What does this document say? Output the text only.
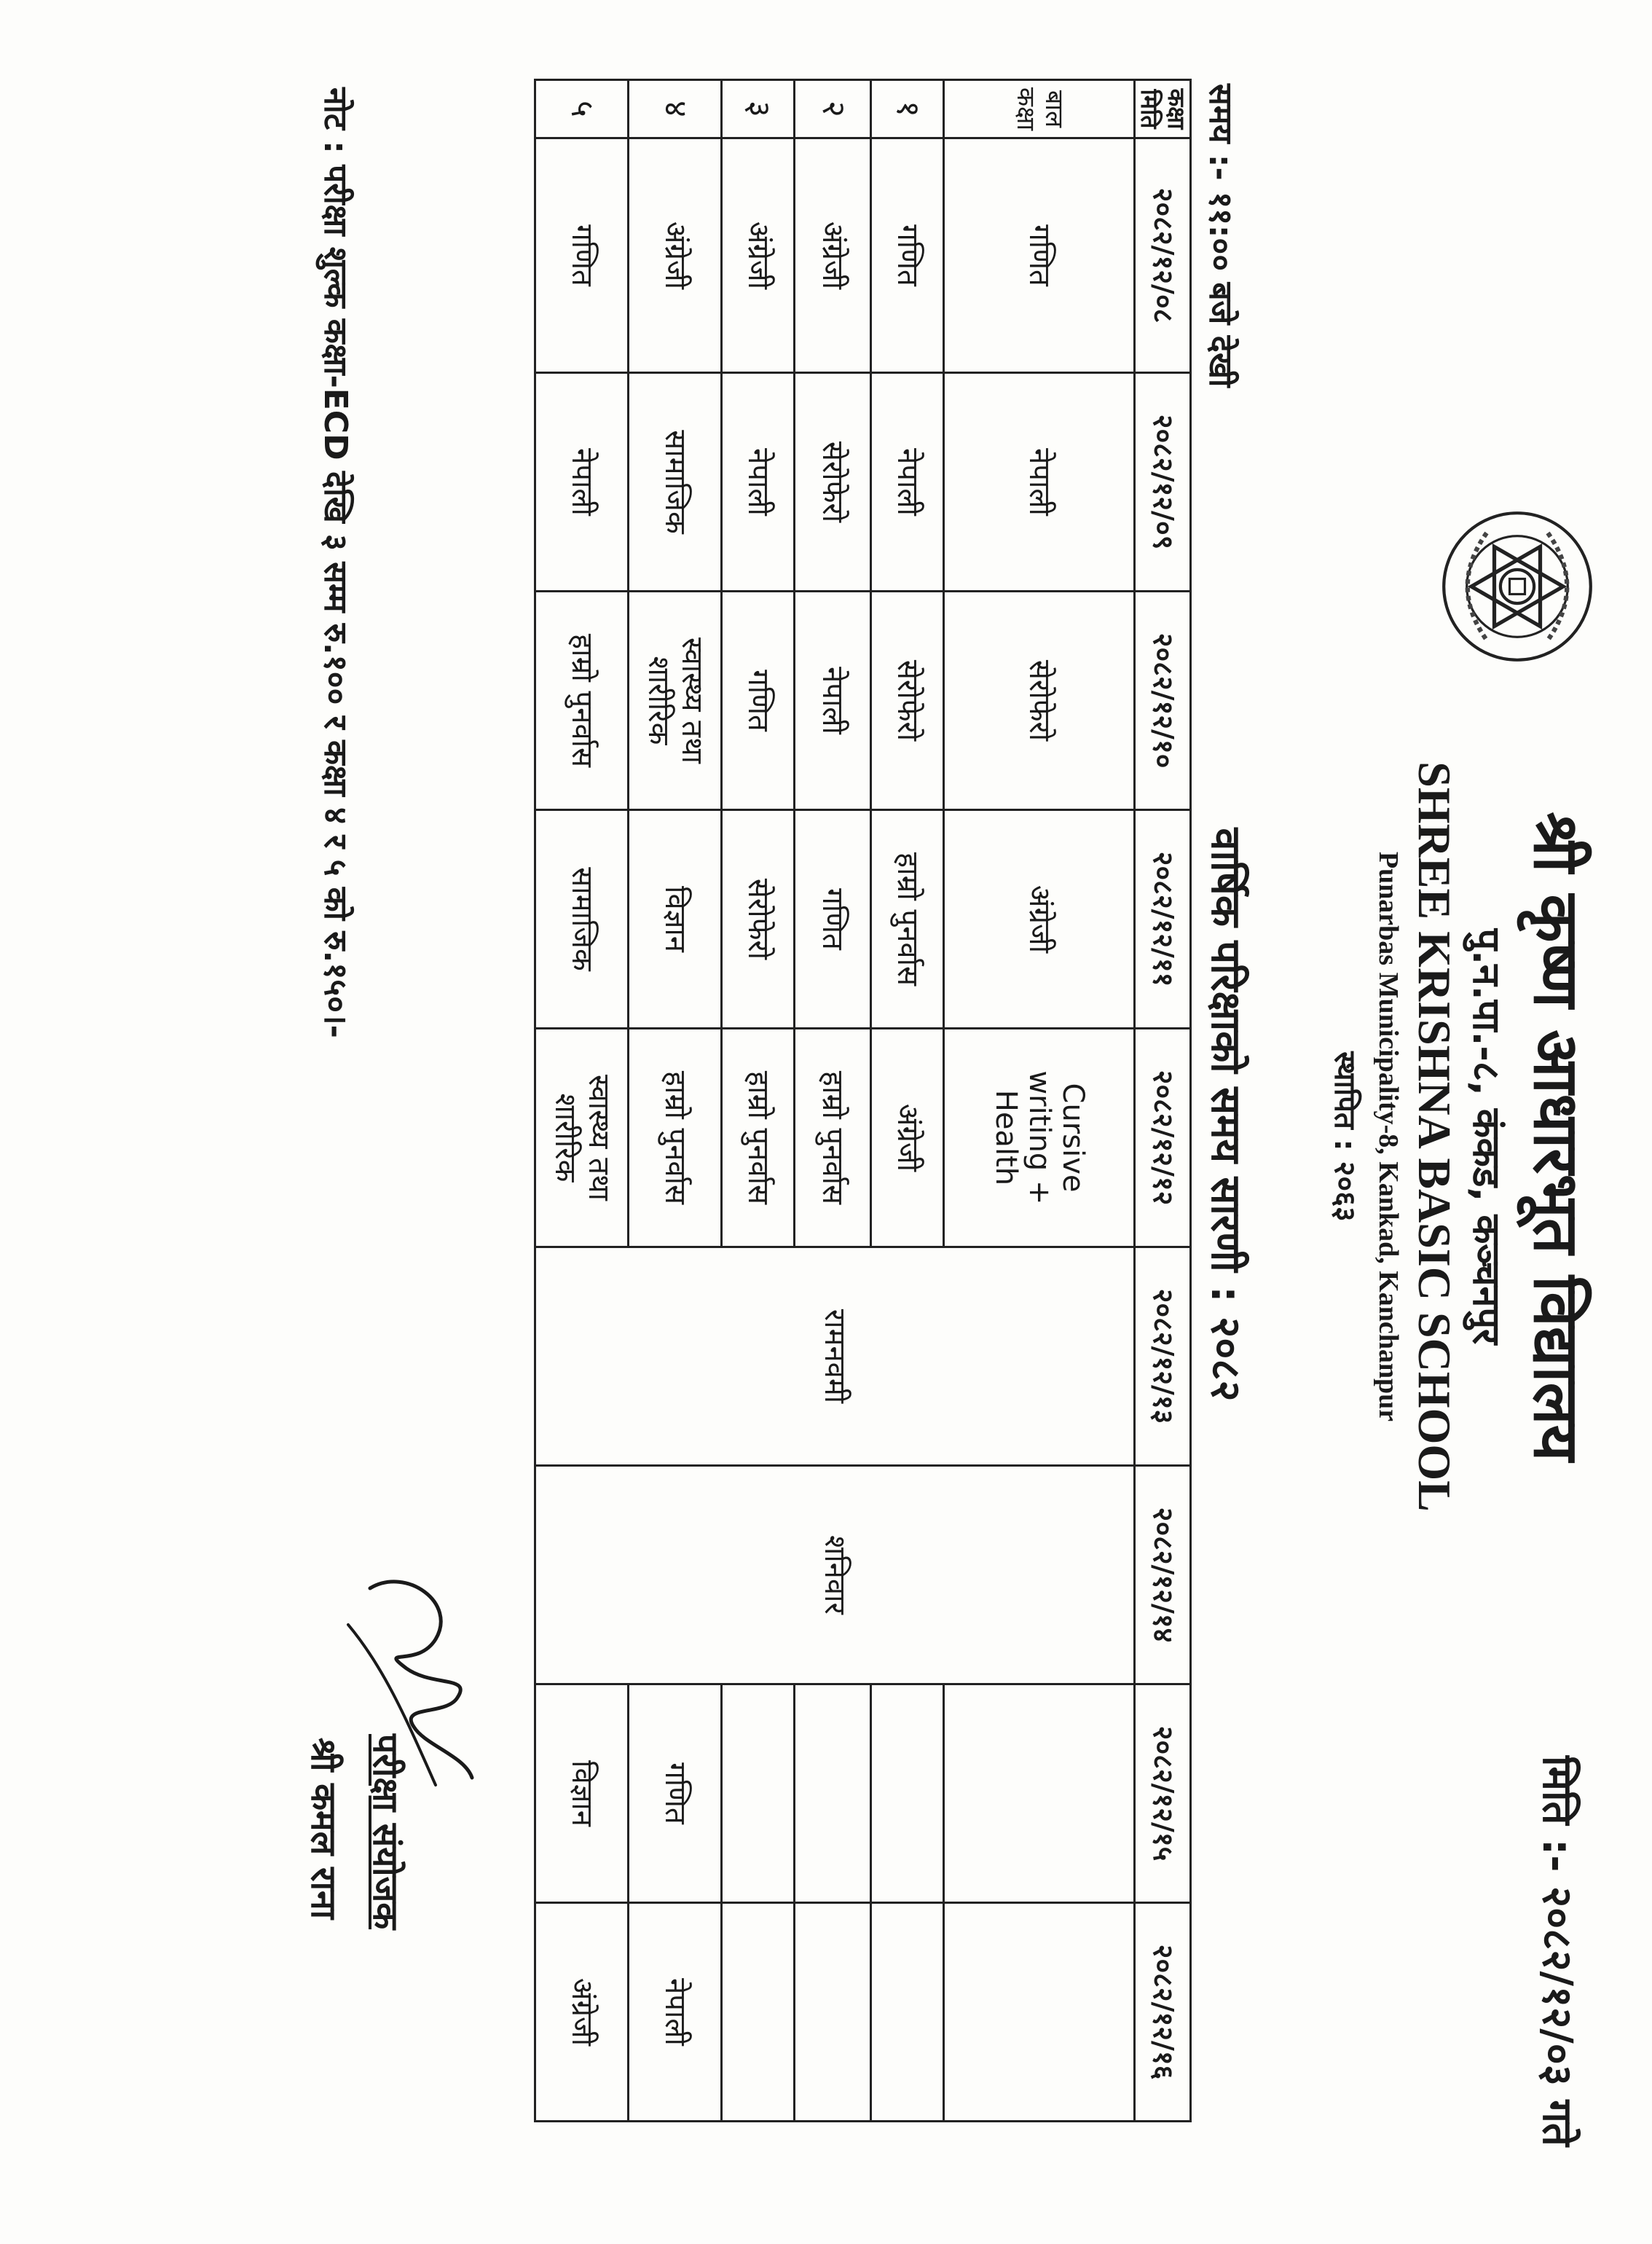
मिति :- २०८२/१२/०३ गते
श्री कृष्ण आधारभूत विद्यालय
पु.न.पा.-८, कंकड, कञ्चनपुर
SHREE KRISHNA BASIC SCHOOL
Punarbas Municipality-8, Kankad, Kanchanpur
स्थापित : २०६३
समय :- ११:०० बजे देखी
वार्षिक परिक्षाको समय सारणी : २०८२
कक्षा
मिति	२०८२/१२/०८	२०८२/१२/०९	२०८२/१२/१०	२०८२/१२/११	२०८२/१२/१२	२०८२/१२/१३	२०८२/१२/१४	२०८२/१२/१५	२०८२/१२/१६

बाल
कक्षा	गणित	नेपाली	सेरोफेरो	अंग्रेजी	Cursive writing + Health	रामनवमी	शनिवार		
१	गणित	नेपाली	सेरोफेरो	हाम्रो पुनर्वास	अंग्रेजी				
२	अंग्रेजी	सेरोफेरो	नेपाली	गणित	हाम्रो पुनर्वास				
३	अंग्रेजी	नेपाली	गणित	सेरोफेरो	हाम्रो पुनर्वास				
४	अंग्रेजी	सामाजिक	स्वास्थ्य तथा शारीरिक	विज्ञान	हाम्रो पुनर्वास			गणित	नेपाली
५	गणित	नेपाली	हाम्रो पुनर्वास	सामाजिक	स्वास्थ्य तथा शारीरिक			विज्ञान	अंग्रेजी
नोट : परीक्षा शुल्क कक्षा-ECD देखि ३ सम्म रु.१०० र कक्षा ४ र ५ को रु.१५०।-
परीक्षा संयोजक
श्री कमल राना
